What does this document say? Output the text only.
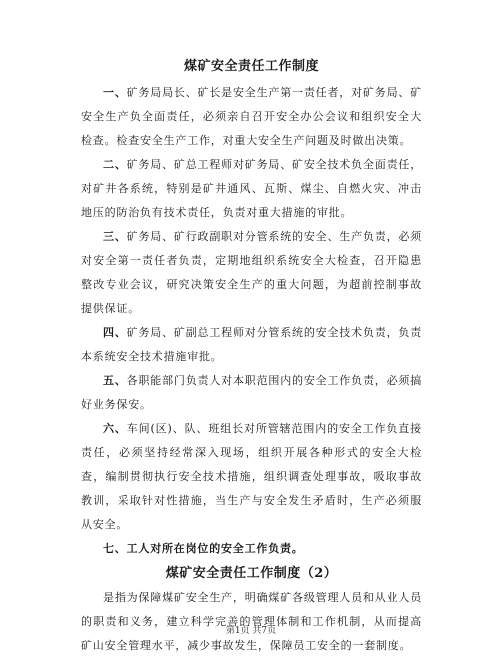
煤矿安全责任工作制度

一、矿务局局长、矿长是安全生产第一责任者，对矿务局、矿安全生产负全面责任，必须亲自召开安全办公会议和组织安全大检查。检查安全生产工作，对重大安全生产问题及时做出决策。

二、矿务局、矿总工程师对矿务局、矿安全技术负全面责任，对矿井各系统，特别是矿井通风、瓦斯、煤尘、自燃火灾、冲击地压的防治负有技术责任，负责对重大措施的审批。

三、矿务局、矿行政副职对分管系统的安全、生产负责，必须对安全第一责任者负责，定期地组织系统安全大检查，召开隐患整改专业会议，研究决策安全生产的重大问题，为超前控制事故提供保证。

四、矿务局、矿副总工程师对分管系统的安全技术负责，负责本系统安全技术措施审批。

五、各职能部门负责人对本职范围内的安全工作负责，必须搞好业务保安。

六、车间(区)、队、班组长对所管辖范围内的安全工作负直接责任，必须坚持经常深入现场，组织开展各种形式的安全大检查，编制贯彻执行安全技术措施，组织调查处理事故，吸取事故教训，采取针对性措施，当生产与安全发生矛盾时，生产必须服从安全。

七、工人对所在岗位的安全工作负责。

煤矿安全责任工作制度（2）

是指为保障煤矿安全生产，明确煤矿各级管理人员和从业人员的职责和义务，建立科学完善的管理体制和工作机制，从而提高矿山安全管理水平，减少事故发生，保障员工安全的一套制度。

第1页 共7页
